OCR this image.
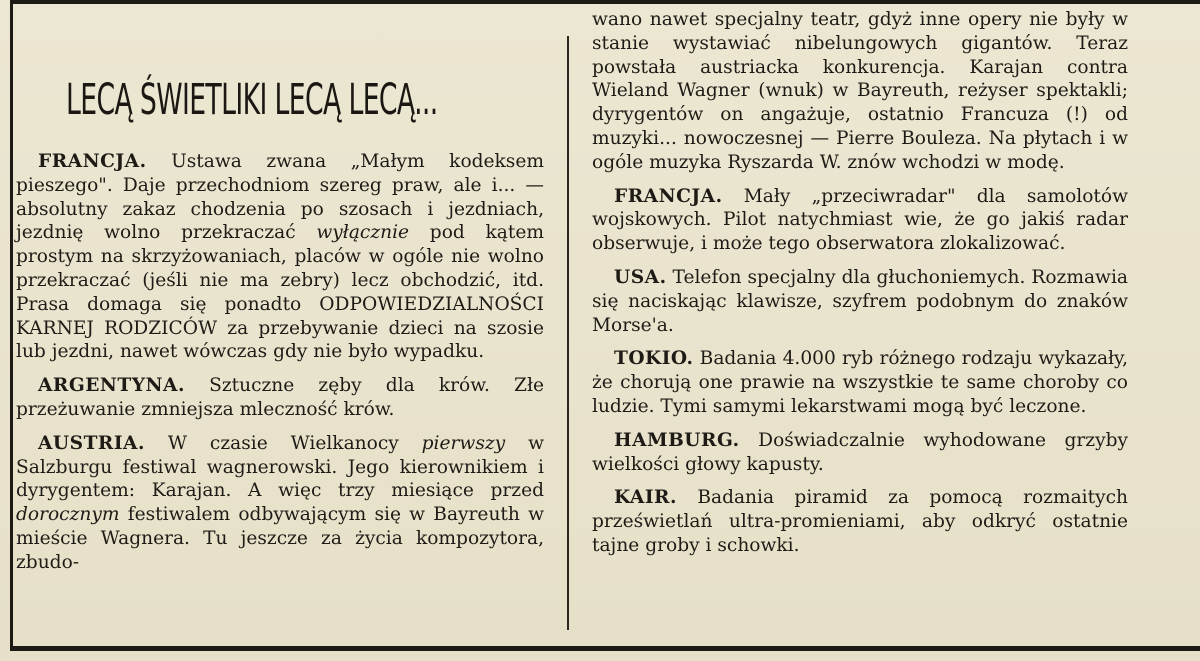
LECĄ ŚWIETLIKI LECĄ LECĄ...

FRANCJA. Ustawa zwana „Małym kodeksem pieszego". Daje przechodniom szereg praw, ale i... — absolutny zakaz chodzenia po szosach i jezdniach, jezdnię wolno przekraczać wyłącznie pod kątem prostym na skrzyżowaniach, placów w ogóle nie wolno przekraczać (jeśli nie ma zebry) lecz obchodzić, itd. Prasa domaga się ponadto ODPOWIEDZIALNOŚCI KARNEJ RODZICÓW za przebywanie dzieci na szosie lub jezdni, nawet wówczas gdy nie było wypadku.

ARGENTYNA. Sztuczne zęby dla krów. Złe przeżuwanie zmniejsza mleczność krów.

AUSTRIA. W czasie Wielkanocy pierwszy w Salzburgu festiwal wagnerowski. Jego kierownikiem i dyrygentem: Karajan. A więc trzy miesiące przed dorocznym festiwalem odbywającym się w Bayreuth w mieście Wagnera. Tu jeszcze za życia kompozytora, zbudo-

wano nawet specjalny teatr, gdyż inne opery nie były w stanie wystawiać nibelungowych gigantów. Teraz powstała austriacka konkurencja. Karajan contra Wieland Wagner (wnuk) w Bayreuth, reżyser spektakli; dyrygentów on angażuje, ostatnio Francuza (!) od muzyki... nowoczesnej — Pierre Bouleza. Na płytach i w ogóle muzyka Ryszarda W. znów wchodzi w modę.

FRANCJA. Mały „przeciwradar" dla samolotów wojskowych. Pilot natychmiast wie, że go jakiś radar obserwuje, i może tego obserwatora zlokalizować.

USA. Telefon specjalny dla głuchoniemych. Rozmawia się naciskając klawisze, szyfrem podobnym do znaków Morse'a.

TOKIO. Badania 4.000 ryb różnego rodzaju wykazały, że chorują one prawie na wszystkie te same choroby co ludzie. Tymi samymi lekarstwami mogą być leczone.

HAMBURG. Doświadczalnie wyhodowane grzyby wielkości głowy kapusty.

KAIR. Badania piramid za pomocą rozmaitych prześwietlań ultra-promieniami, aby odkryć ostatnie tajne groby i schowki.
